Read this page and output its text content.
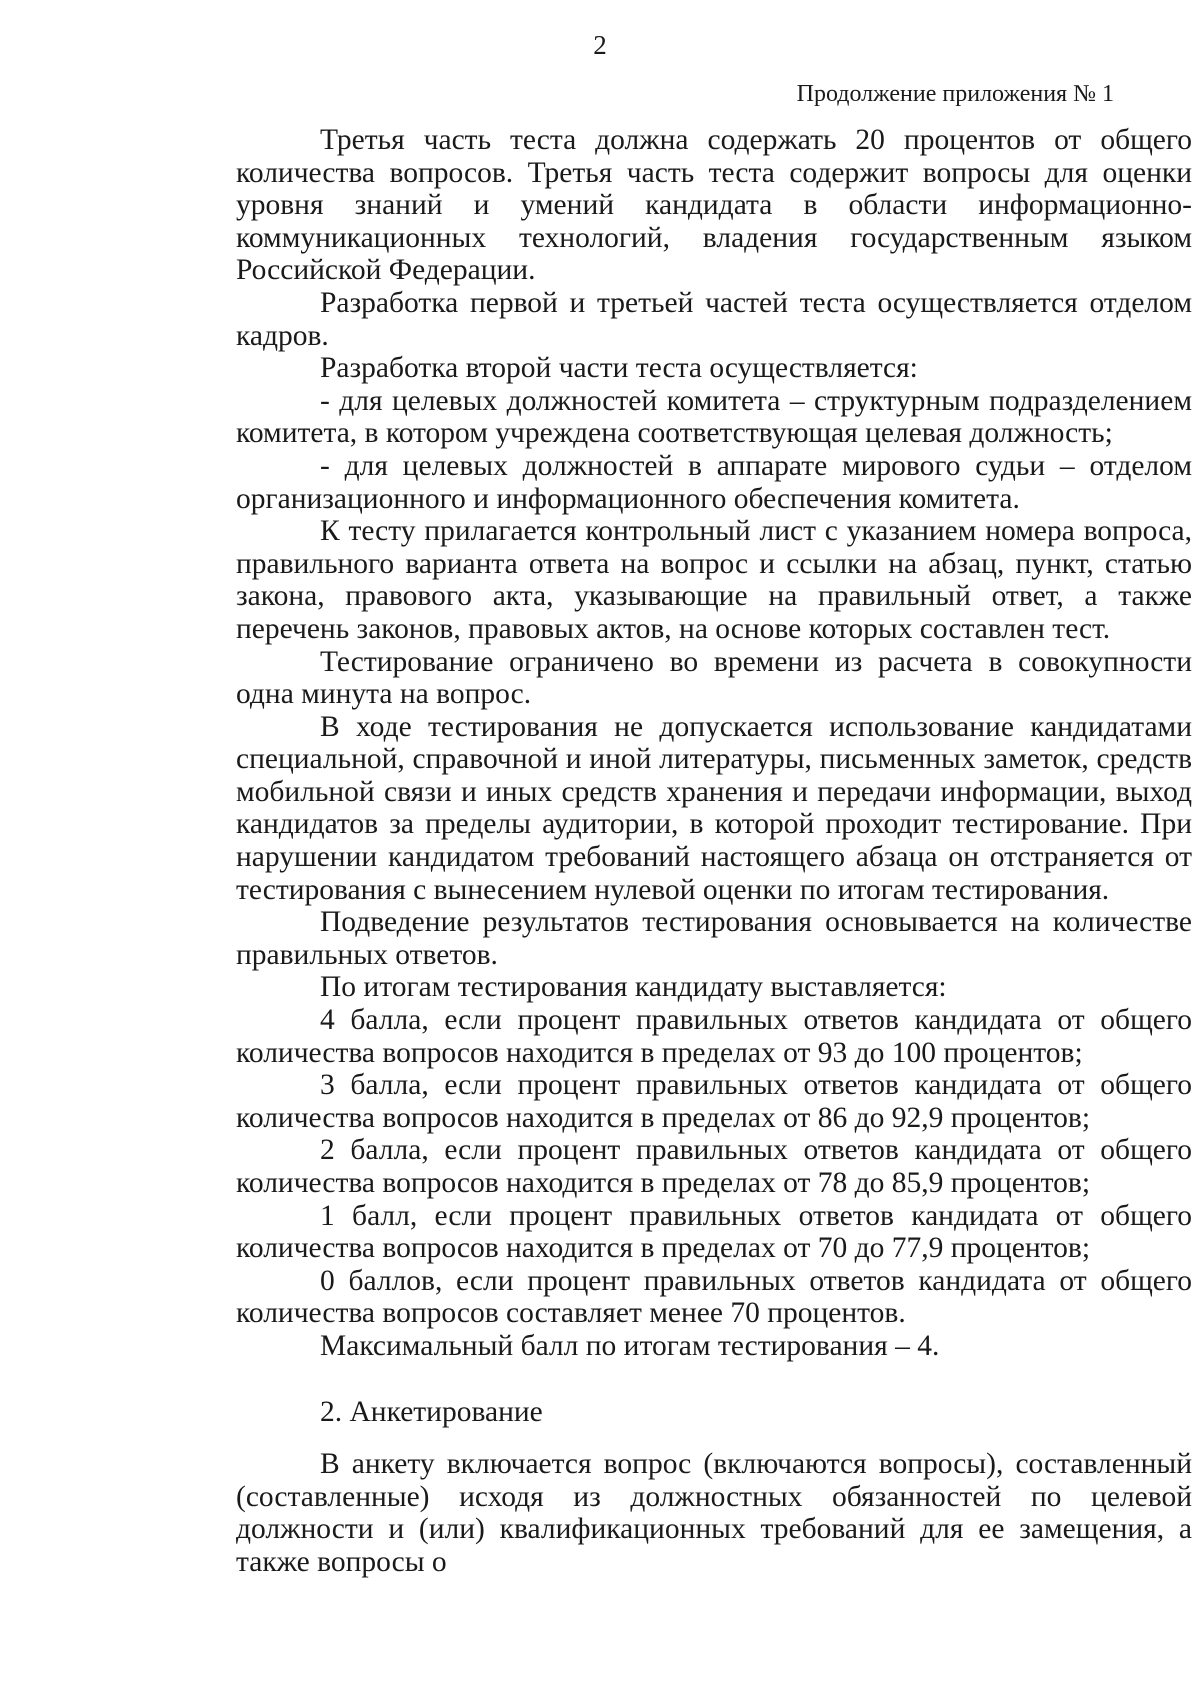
2
Продолжение приложения № 1

Третья часть теста должна содержать 20 процентов от общего количества вопросов. Третья часть теста содержит вопросы для оценки уровня знаний и умений кандидата в области информационно-коммуникационных технологий, владения государственным языком Российской Федерации.

Разработка первой и третьей частей теста осуществляется отделом кадров.

Разработка второй части теста осуществляется:

- для целевых должностей комитета – структурным подразделением комитета, в котором учреждена соответствующая целевая должность;

- для целевых должностей в аппарате мирового судьи – отделом организационного и информационного обеспечения комитета.

К тесту прилагается контрольный лист с указанием номера вопроса, правильного варианта ответа на вопрос и ссылки на абзац, пункт, статью закона, правового акта, указывающие на правильный ответ, а также перечень законов, правовых актов, на основе которых составлен тест.

Тестирование ограничено во времени из расчета в совокупности одна минута на вопрос.

В ходе тестирования не допускается использование кандидатами специальной, справочной и иной литературы, письменных заметок, средств мобильной связи и иных средств хранения и передачи информации, выход кандидатов за пределы аудитории, в которой проходит тестирование. При нарушении кандидатом требований настоящего абзаца он отстраняется от тестирования с вынесением нулевой оценки по итогам тестирования.

Подведение результатов тестирования основывается на количестве правильных ответов.

По итогам тестирования кандидату выставляется:

4 балла, если процент правильных ответов кандидата от общего количества вопросов находится в пределах от 93 до 100 процентов;

3 балла, если процент правильных ответов кандидата от общего количества вопросов находится в пределах от 86 до 92,9 процентов;

2 балла, если процент правильных ответов кандидата от общего количества вопросов находится в пределах от 78 до 85,9 процентов;

1 балл, если процент правильных ответов кандидата от общего количества вопросов находится в пределах от 70 до 77,9 процентов;

0 баллов, если процент правильных ответов кандидата от общего количества вопросов составляет менее 70 процентов.

Максимальный балл по итогам тестирования – 4.

2. Анкетирование

В анкету включается вопрос (включаются вопросы), составленный (составленные) исходя из должностных обязанностей по целевой должности и (или) квалификационных требований для ее замещения, а также вопросы о
